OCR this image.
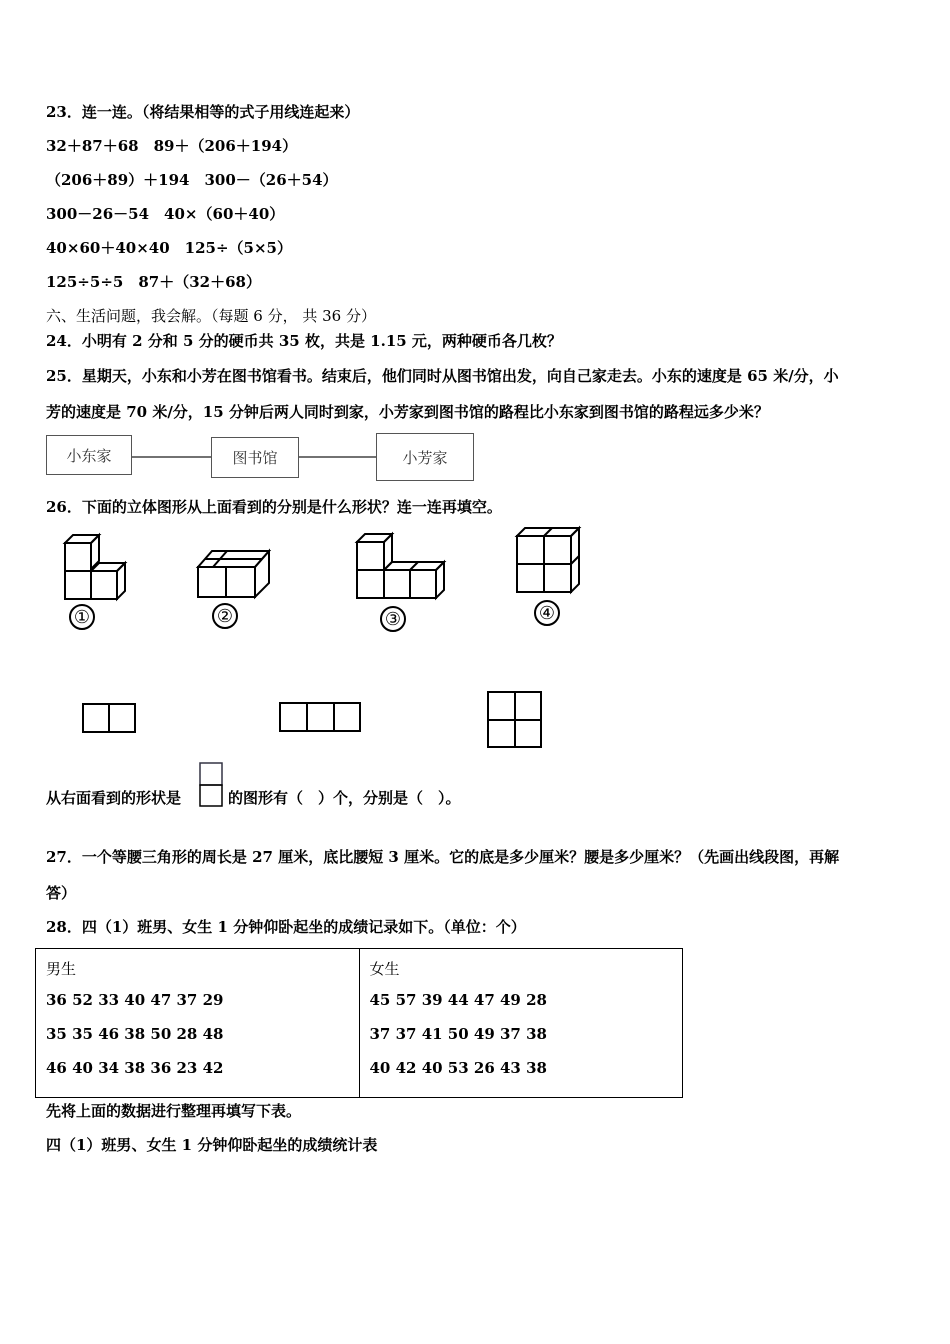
23．连一连。（将结果相等的式子用线连起来）
32＋87＋68　89＋（206＋194）
（206＋89）＋194　300－（26＋54）
300－26－54　40×（60＋40）
40×60＋40×40　125÷（5×5）
125÷5÷5　87＋（32＋68）
六、生活问题，我会解。（每题 6 分， 共 36 分）
24．小明有 2 分和 5 分的硬币共 35 枚，共是 1.15 元，两种硬币各几枚？
25．星期天，小东和小芳在图书馆看书。结束后，他们同时从图书馆出发，向自己家走去。小东的速度是 65 米/分，小
芳的速度是 70 米/分，15 分钟后两人同时到家，小芳家到图书馆的路程比小东家到图书馆的路程远多少米？
小东家	图书馆	小芳家
26．下面的立体图形从上面看到的分别是什么形状？连一连再填空。
①	②	③	④
从右面看到的形状是	的图形有（　）个，分别是（　）。
27．一个等腰三角形的周长是 27 厘米，底比腰短 3 厘米。它的底是多少厘米？腰是多少厘米？（先画出线段图，再解
答）
28．四（1）班男、女生 1 分钟仰卧起坐的成绩记录如下。（单位：个）
男生
36 52 33 40 47 37 29
35 35 46 38 50 28 48
46 40 34 38 36 23 42

女生
45 57 39 44 47 49 28
37 37 41 50 49 37 38
40 42 40 53 26 43 38
先将上面的数据进行整理再填写下表。
四（1）班男、女生 1 分钟仰卧起坐的成绩统计表
